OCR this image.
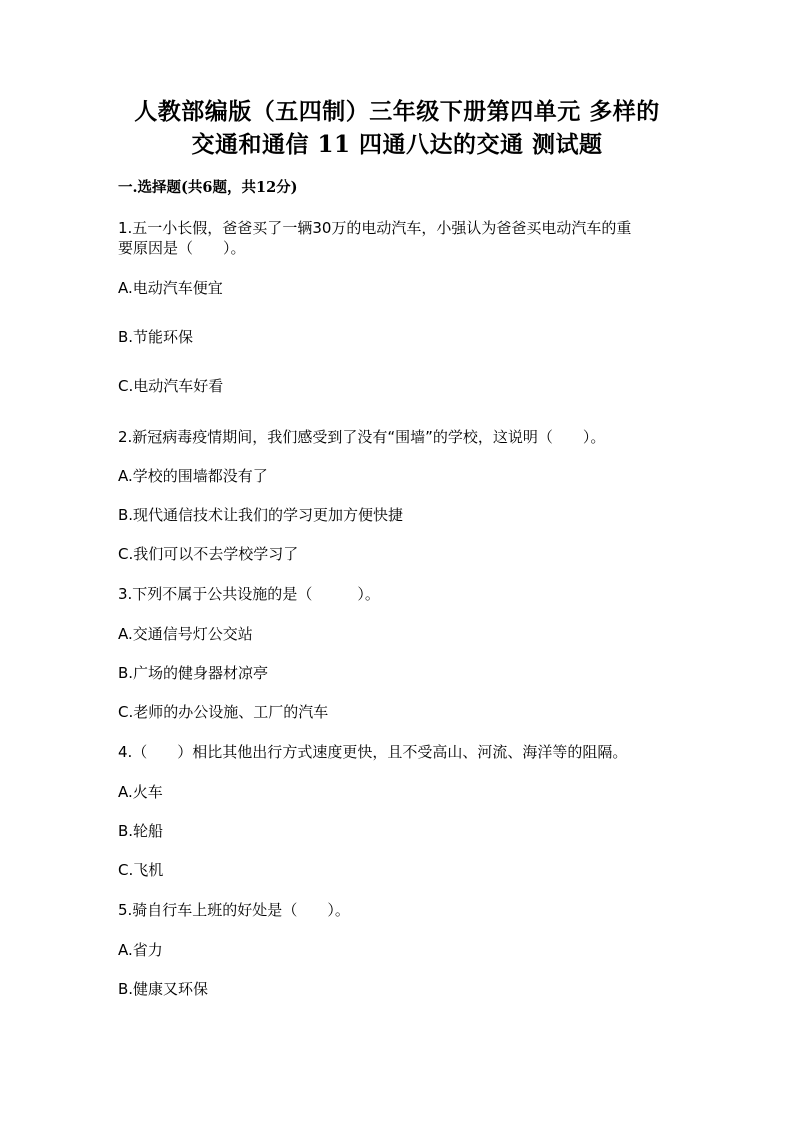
人教部编版（五四制）三年级下册第四单元 多样的
交通和通信 11 四通八达的交通 测试题
一.选择题(共6题，共12分)
1.五一小长假，爸爸买了一辆30万的电动汽车，小强认为爸爸买电动汽车的重
要原因是（　　）。
A.电动汽车便宜
B.节能环保
C.电动汽车好看
2.新冠病毒疫情期间，我们感受到了没有“围墙”的学校，这说明（　　）。
A.学校的围墙都没有了
B.现代通信技术让我们的学习更加方便快捷
C.我们可以不去学校学习了
3.下列不属于公共设施的是（　　　）。
A.交通信号灯公交站
B.广场的健身器材凉亭
C.老师的办公设施、工厂的汽车
4.（　　）相比其他出行方式速度更快，且不受高山、河流、海洋等的阻隔。
A.火车
B.轮船
C.飞机
5.骑自行车上班的好处是（　　）。
A.省力
B.健康又环保
